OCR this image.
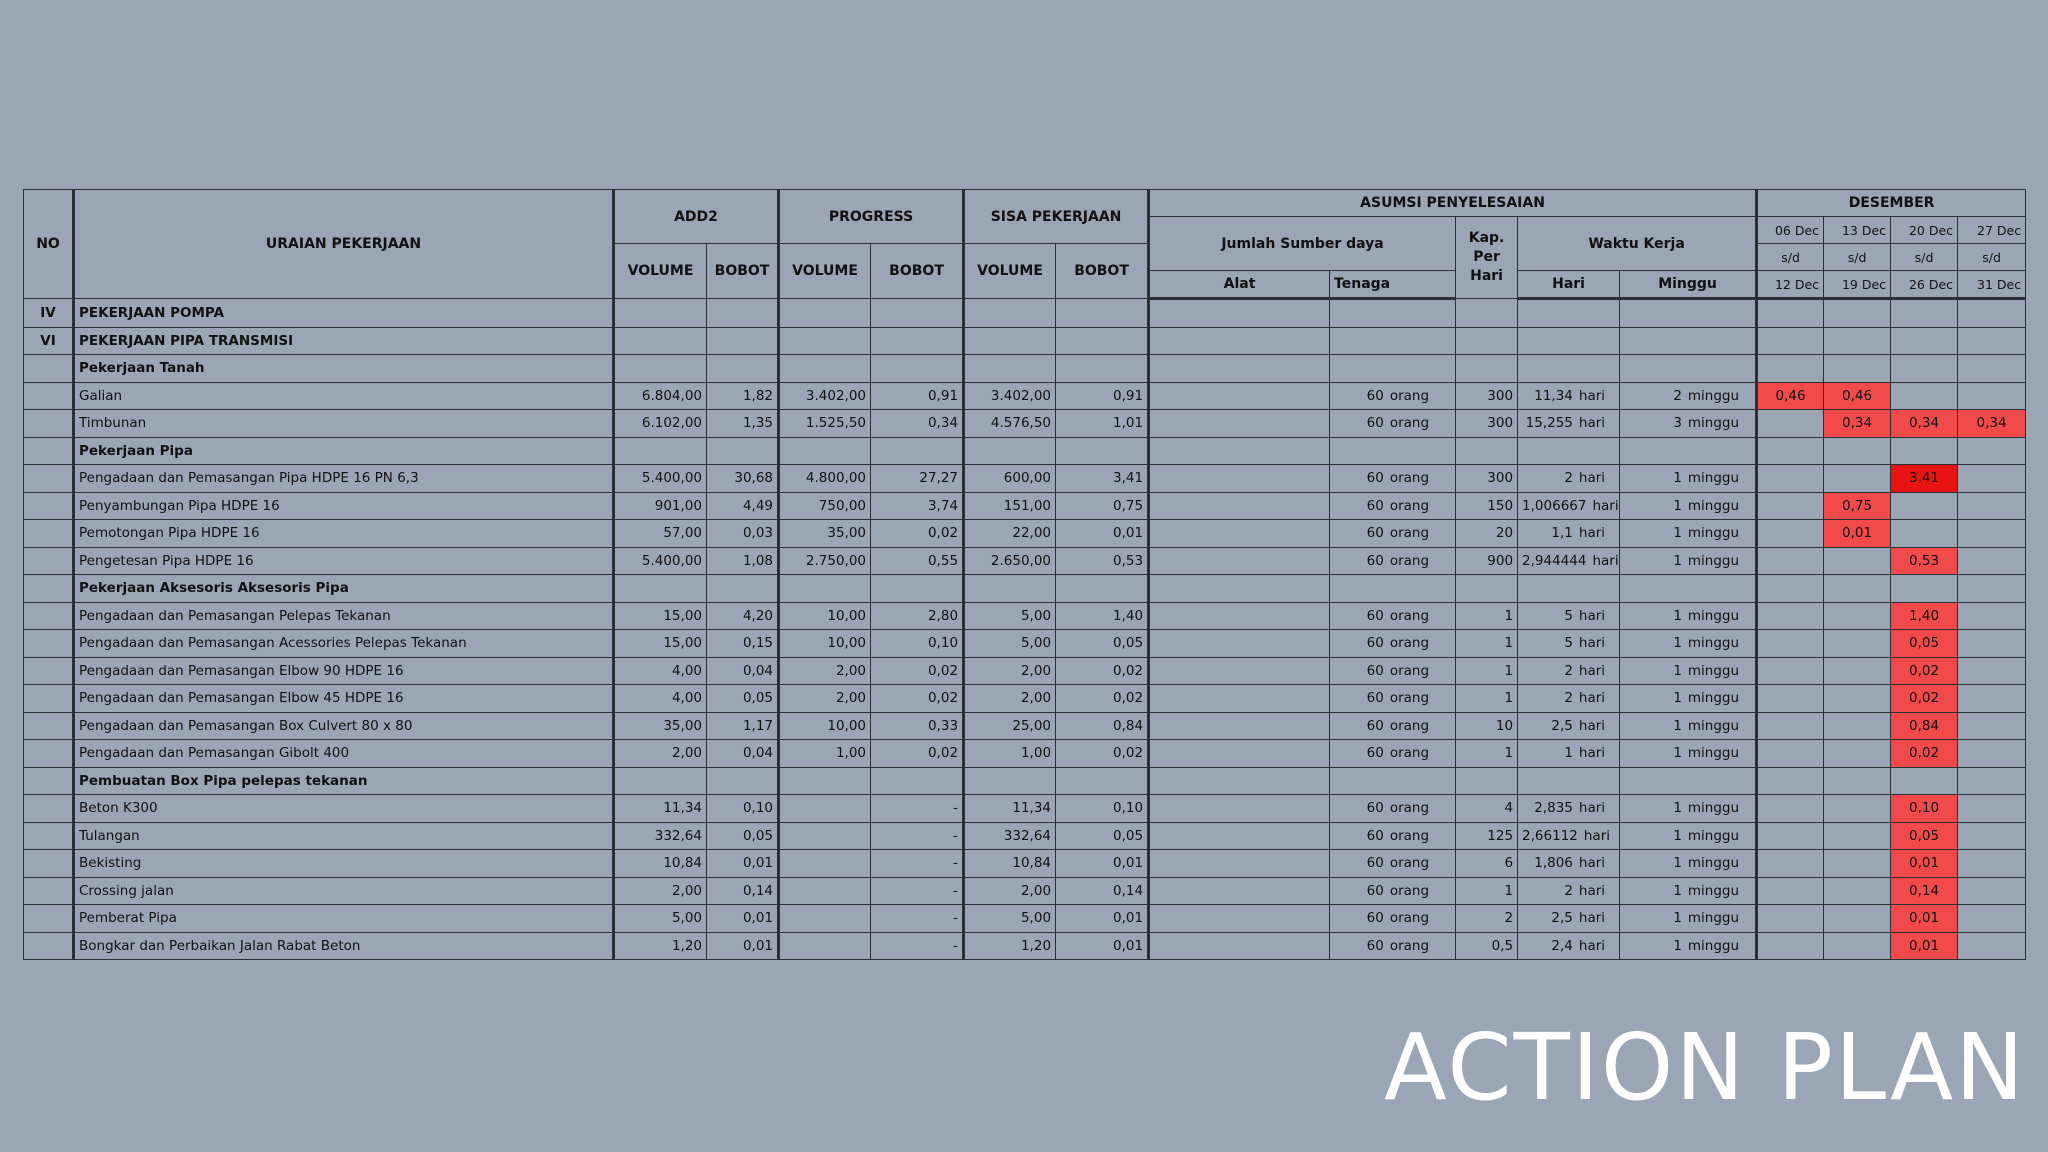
NO	URAIAN PEKERJAAN	ADD2		PROGRESS		SISA PEKERJAAN		ASUMSI PENYELESAIAN					DESEMBER			
								Jumlah Sumber daya		Kap. Per Hari	Waktu Kerja		06 Dec	13 Dec	20 Dec	27 Dec
		VOLUME	BOBOT	VOLUME	BOBOT	VOLUME	BOBOT						s/d	s/d	s/d	s/d
								Alat	Tenaga		Hari	Minggu	12 Dec	19 Dec	26 Dec	31 Dec
IV	PEKERJAAN POMPA															
VI	PEKERJAAN PIPA TRANSMISI															
	Pekerjaan Tanah															
	Galian	6.804,00	1,82	3.402,00	0,91	3.402,00	0,91		60 orang	300	11,34 hari	2 minggu	0,46	0,46		
	Timbunan	6.102,00	1,35	1.525,50	0,34	4.576,50	1,01		60 orang	300	15,255 hari	3 minggu		0,34	0,34	0,34
	Pekerjaan Pipa															
	Pengadaan dan Pemasangan Pipa HDPE 16 PN 6,3	5.400,00	30,68	4.800,00	27,27	600,00	3,41		60 orang	300	2 hari	1 minggu			3,41	
	Penyambungan Pipa HDPE 16	901,00	4,49	750,00	3,74	151,00	0,75		60 orang	150	1,006667 hari	1 minggu		0,75		
	Pemotongan Pipa HDPE 16	57,00	0,03	35,00	0,02	22,00	0,01		60 orang	20	1,1 hari	1 minggu		0,01		
	Pengetesan Pipa HDPE 16	5.400,00	1,08	2.750,00	0,55	2.650,00	0,53		60 orang	900	2,944444 hari	1 minggu			0,53	
	Pekerjaan Aksesoris Aksesoris Pipa															
	Pengadaan dan Pemasangan Pelepas Tekanan	15,00	4,20	10,00	2,80	5,00	1,40		60 orang	1	5 hari	1 minggu			1,40	
	Pengadaan dan Pemasangan Acessories Pelepas Tekanan	15,00	0,15	10,00	0,10	5,00	0,05		60 orang	1	5 hari	1 minggu			0,05	
	Pengadaan dan Pemasangan Elbow 90 HDPE 16	4,00	0,04	2,00	0,02	2,00	0,02		60 orang	1	2 hari	1 minggu			0,02	
	Pengadaan dan Pemasangan Elbow 45 HDPE 16	4,00	0,05	2,00	0,02	2,00	0,02		60 orang	1	2 hari	1 minggu			0,02	
	Pengadaan dan Pemasangan Box Culvert 80 x 80	35,00	1,17	10,00	0,33	25,00	0,84		60 orang	10	2,5 hari	1 minggu			0,84	
	Pengadaan dan Pemasangan Gibolt 400	2,00	0,04	1,00	0,02	1,00	0,02		60 orang	1	1 hari	1 minggu			0,02	
	Pembuatan Box Pipa pelepas tekanan															
	Beton K300	11,34	0,10		-	11,34	0,10		60 orang	4	2,835 hari	1 minggu			0,10	
	Tulangan	332,64	0,05		-	332,64	0,05		60 orang	125	2,66112 hari	1 minggu			0,05	
	Bekisting	10,84	0,01		-	10,84	0,01		60 orang	6	1,806 hari	1 minggu			0,01	
	Crossing jalan	2,00	0,14		-	2,00	0,14		60 orang	1	2 hari	1 minggu			0,14	
	Pemberat Pipa	5,00	0,01		-	5,00	0,01		60 orang	2	2,5 hari	1 minggu			0,01	
	Bongkar dan Perbaikan Jalan Rabat Beton	1,20	0,01		-	1,20	0,01		60 orang	0,5	2,4 hari	1 minggu			0,01	
ACTION PLAN
